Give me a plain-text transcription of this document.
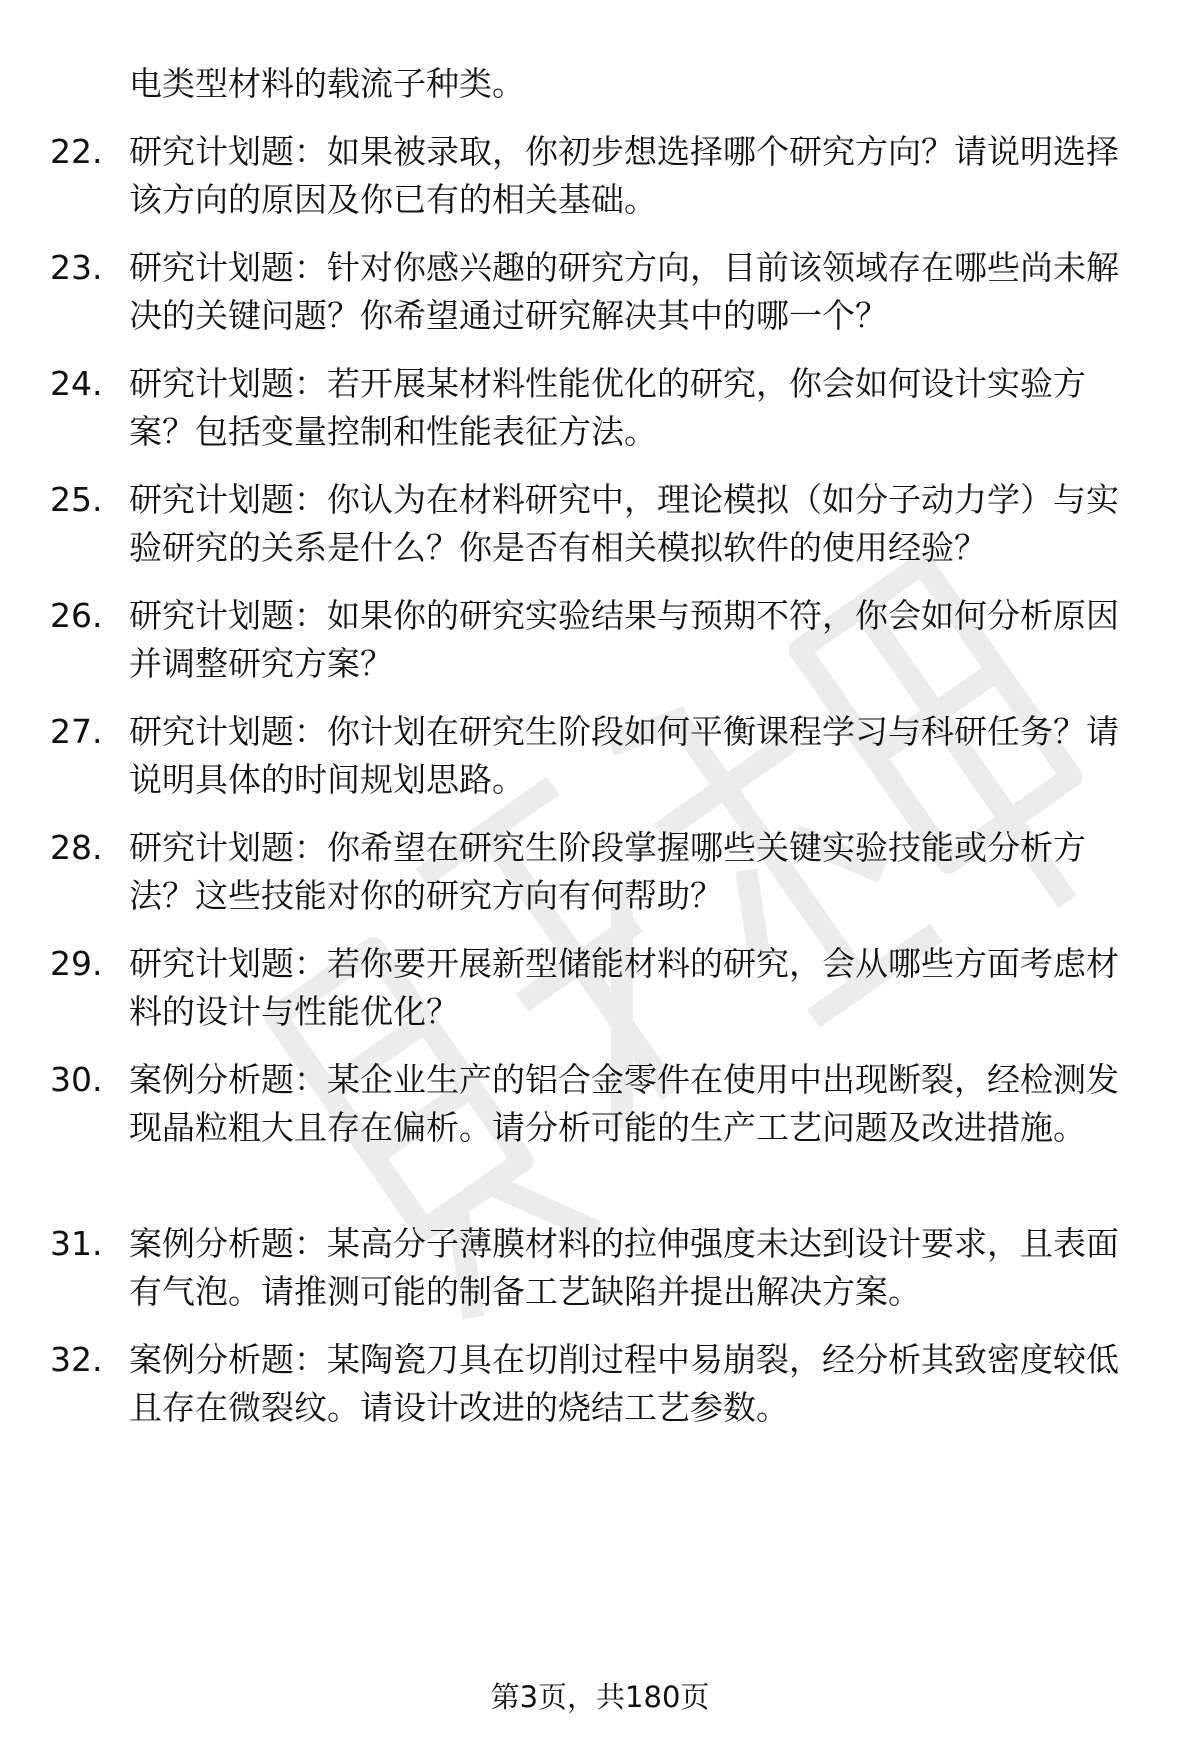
电类型材料的载流子种类。

22. 研究计划题：如果被录取，你初步想选择哪个研究方向？请说明选择该方向的原因及你已有的相关基础。

23. 研究计划题：针对你感兴趣的研究方向，目前该领域存在哪些尚未解决的关键问题？你希望通过研究解决其中的哪一个？

24. 研究计划题：若开展某材料性能优化的研究，你会如何设计实验方案？包括变量控制和性能表征方法。

25. 研究计划题：你认为在材料研究中，理论模拟（如分子动力学）与实验研究的关系是什么？你是否有相关模拟软件的使用经验？

26. 研究计划题：如果你的研究实验结果与预期不符，你会如何分析原因并调整研究方案？

27. 研究计划题：你计划在研究生阶段如何平衡课程学习与科研任务？请说明具体的时间规划思路。

28. 研究计划题：你希望在研究生阶段掌握哪些关键实验技能或分析方法？这些技能对你的研究方向有何帮助？

29. 研究计划题：若你要开展新型储能材料的研究，会从哪些方面考虑材料的设计与性能优化？

30. 案例分析题：某企业生产的铝合金零件在使用中出现断裂，经检测发现晶粒粗大且存在偏析。请分析可能的生产工艺问题及改进措施。

31. 案例分析题：某高分子薄膜材料的拉伸强度未达到设计要求，且表面有气泡。请推测可能的制备工艺缺陷并提出解决方案。

32. 案例分析题：某陶瓷刀具在切削过程中易崩裂，经分析其致密度较低且存在微裂纹。请设计改进的烧结工艺参数。

第3页，共180页
